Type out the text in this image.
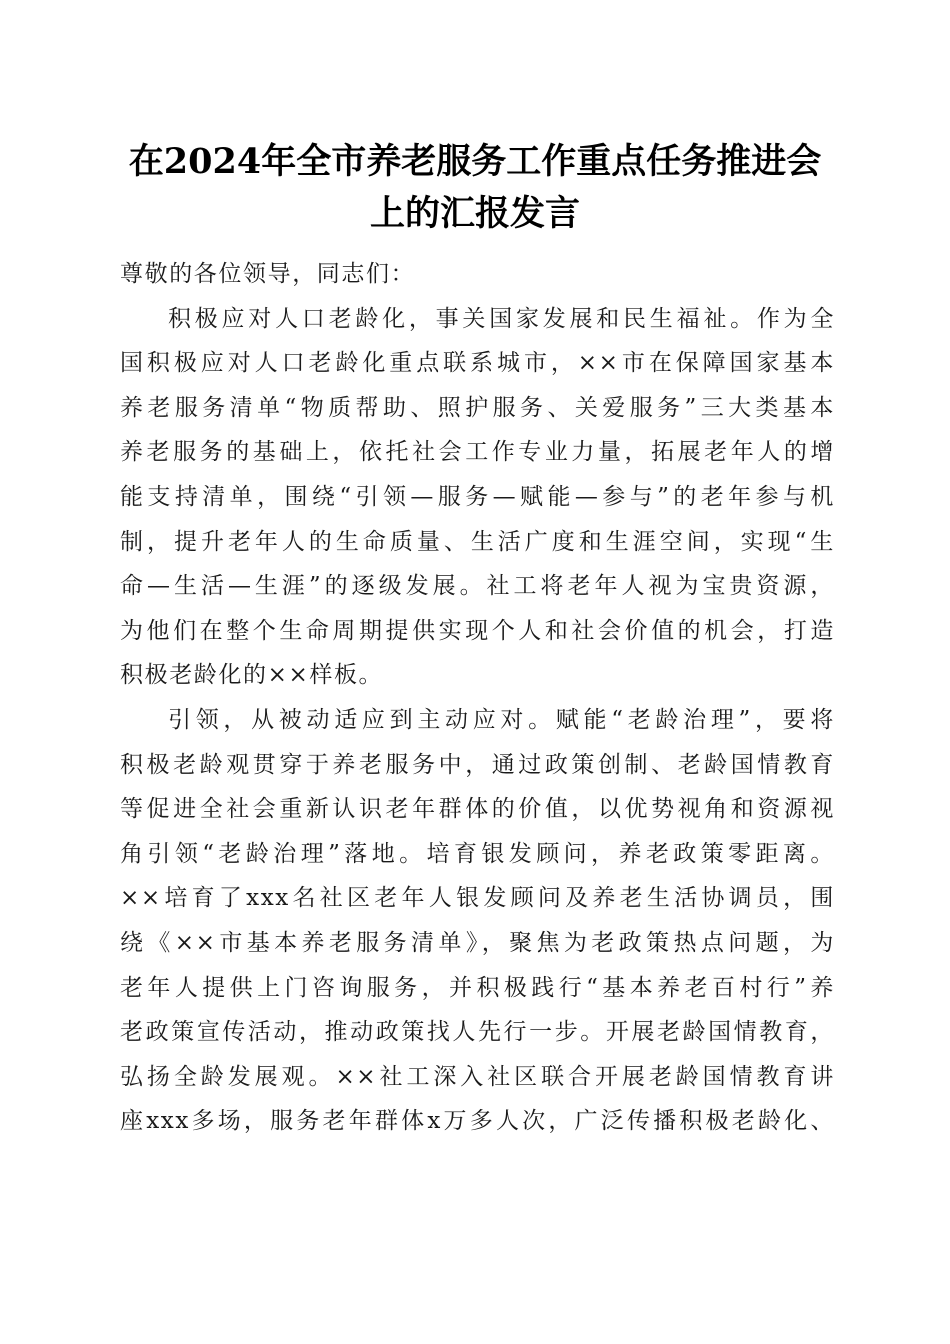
在2024年全市养老服务工作重点任务推进会
上的汇报发言
尊敬的各位领导，同志们：
积极应对人口老龄化，事关国家发展和民生福祉。作为全
国积极应对人口老龄化重点联系城市，××市在保障国家基本
养老服务清单“物质帮助、照护服务、关爱服务”三大类基本
养老服务的基础上，依托社会工作专业力量，拓展老年人的增
能支持清单，围绕“引领—服务—赋能—参与”的老年参与机
制，提升老年人的生命质量、生活广度和生涯空间，实现“生
命—生活—生涯”的逐级发展。社工将老年人视为宝贵资源，
为他们在整个生命周期提供实现个人和社会价值的机会，打造
积极老龄化的××样板。
引领，从被动适应到主动应对。赋能“老龄治理”，要将
积极老龄观贯穿于养老服务中，通过政策创制、老龄国情教育
等促进全社会重新认识老年群体的价值，以优势视角和资源视
角引领“老龄治理”落地。培育银发顾问，养老政策零距离。
××培育了xxx名社区老年人银发顾问及养老生活协调员，围
绕《××市基本养老服务清单》，聚焦为老政策热点问题，为
老年人提供上门咨询服务，并积极践行“基本养老百村行”养
老政策宣传活动，推动政策找人先行一步。开展老龄国情教育，
弘扬全龄发展观。××社工深入社区联合开展老龄国情教育讲
座xxx多场，服务老年群体x万多人次，广泛传播积极老龄化、
